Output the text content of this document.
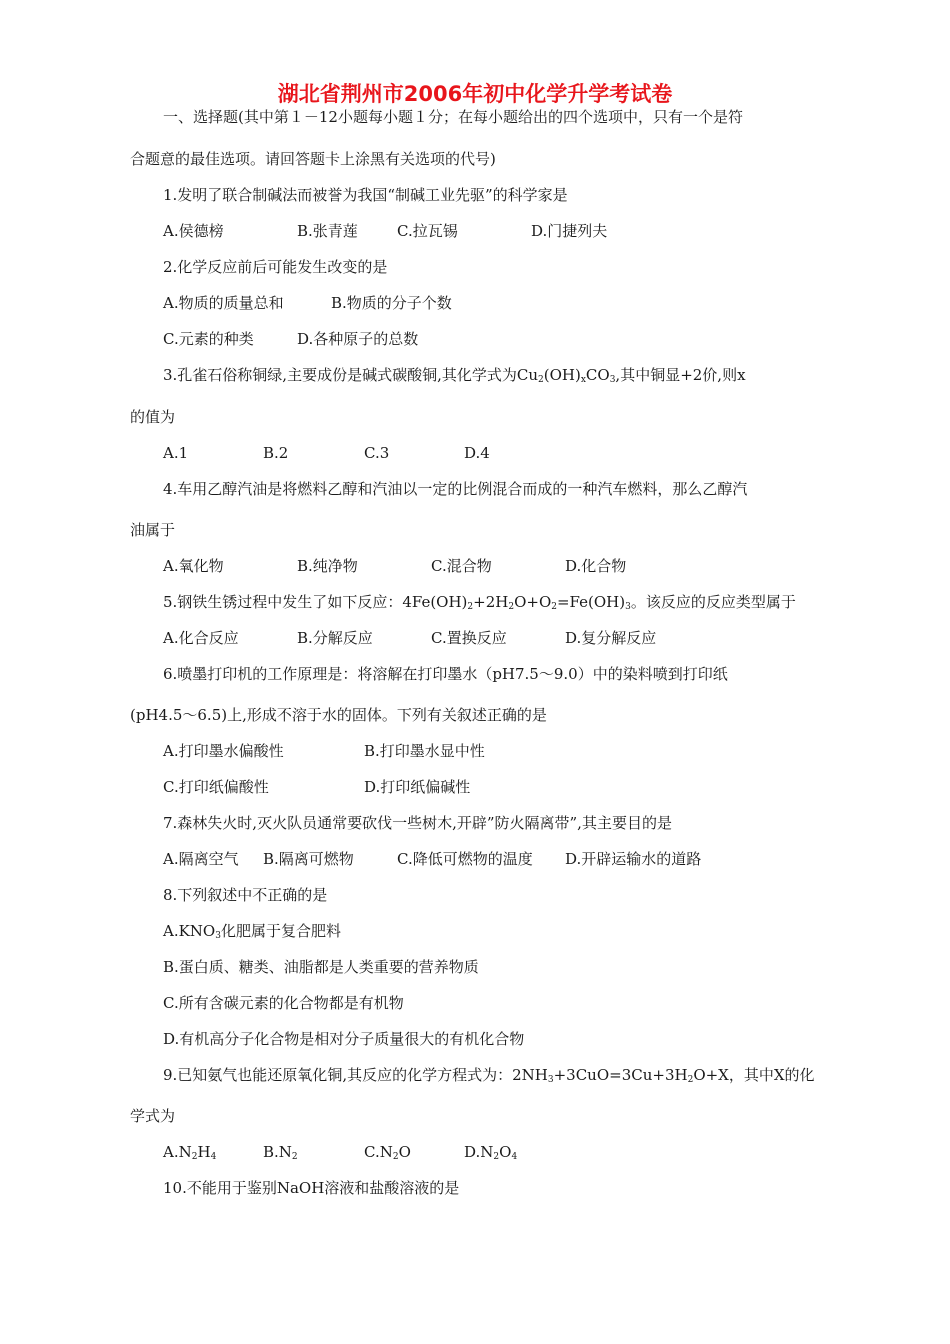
湖北省荆州市2006年初中化学升学考试卷
一、选择题(其中第１－12小题每小题１分；在每小题给出的四个选项中，只有一个是符
合题意的最佳选项。请回答题卡上涂黑有关选项的代号)
1.发明了联合制碱法而被誉为我国“制碱工业先驱”的科学家是
A.侯德榜	B.张青莲	C.拉瓦锡	D.门捷列夫
2.化学反应前后可能发生改变的是
A.物质的质量总和	B.物质的分子个数
C.元素的种类	D.各种原子的总数
3.孔雀石俗称铜绿,主要成份是碱式碳酸铜,其化学式为$Cu_2(OH)_xCO_3$,其中铜显+2价,则x
的值为
A.1	B.2	C.3	D.4
4.车用乙醇汽油是将燃料乙醇和汽油以一定的比例混合而成的一种汽车燃料，那么乙醇汽
油属于
A.氧化物	B.纯净物	C.混合物	D.化合物
5.钢铁生锈过程中发生了如下反应：$4Fe(OH)_2+2H_2O+O_2=Fe(OH)_3$。该反应的反应类型属于
A.化合反应	B.分解反应	C.置换反应	D.复分解反应
6.喷墨打印机的工作原理是：将溶解在打印墨水（pH7.5～9.0）中的染料喷到打印纸
(pH4.5～6.5)上,形成不溶于水的固体。下列有关叙述正确的是
A.打印墨水偏酸性	B.打印墨水显中性
C.打印纸偏酸性	D.打印纸偏碱性
7.森林失火时,灭火队员通常要砍伐一些树木,开辟”防火隔离带”,其主要目的是
A.隔离空气 B.隔离可燃物	C.降低可燃物的温度 D.开辟运输水的道路
8.下列叙述中不正确的是
$A.KNO_3$化肥属于复合肥料
B.蛋白质、糖类、油脂都是人类重要的营养物质
C.所有含碳元素的化合物都是有机物
D.有机高分子化合物是相对分子质量很大的有机化合物
9.已知氨气也能还原氧化铜,其反应的化学方程式为：$2NH_3+3CuO=3Cu+3H_2O+X$，其中X的化
学式为
$A.N_2H_4$	$B.N_2$	$C.N_2O$	$D.N_2O_4$
10.不能用于鉴别NaOH溶液和盐酸溶液的是
